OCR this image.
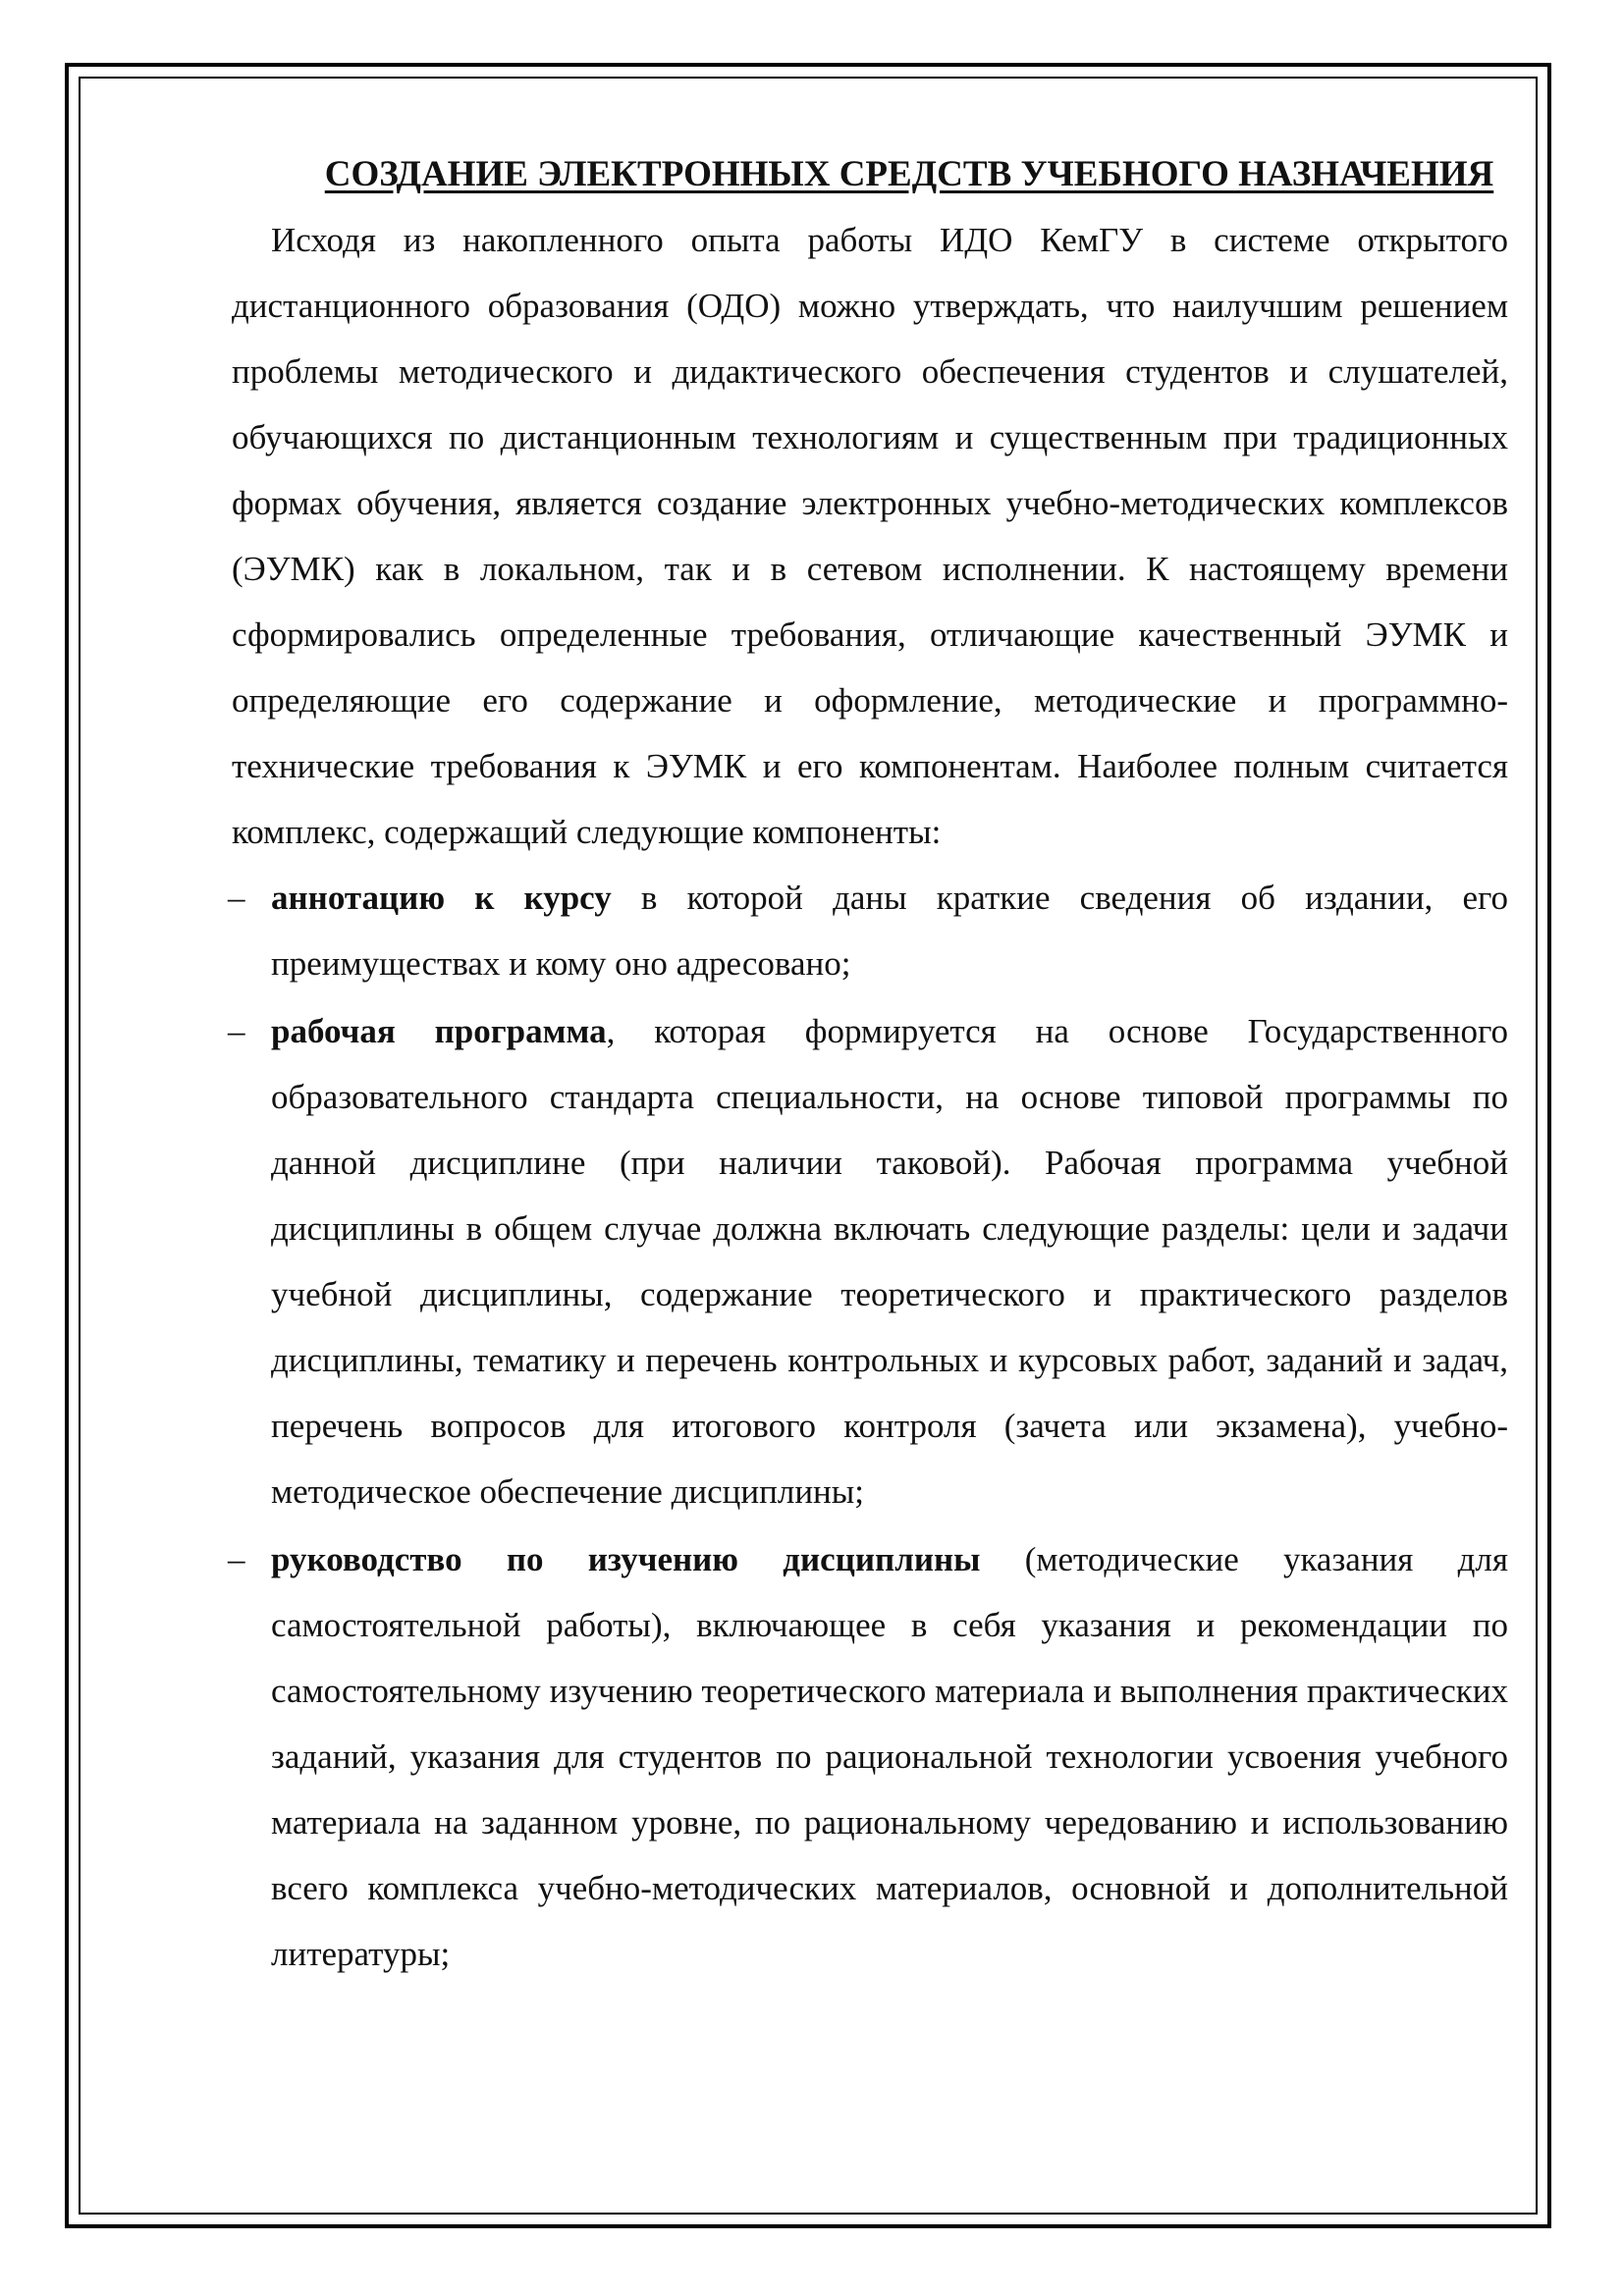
СОЗДАНИЕ ЭЛЕКТРОННЫХ СРЕДСТВ УЧЕБНОГО НАЗНАЧЕНИЯ

Исходя из накопленного опыта работы ИДО КемГУ в системе открытого дистанционного образования (ОДО) можно утверждать, что наилучшим решением проблемы методического и дидактического обеспечения студентов и слушателей, обучающихся по дистанционным технологиям и существенным при традиционных формах обучения, является создание электронных учебно-методических комплексов (ЭУМК) как в локальном, так и в сетевом исполнении. К настоящему времени сформировались определенные требования, отличающие качественный ЭУМК и определяющие его содержание и оформление, методические и программно-технические требования к ЭУМК и его компонентам. Наиболее полным считается комплекс, содержащий следующие компоненты:

– аннотацию к курсу в которой даны краткие сведения об издании, его преимуществах и кому оно адресовано;
– рабочая программа, которая формируется на основе Государственного образовательного стандарта специальности, на основе типовой программы по данной дисциплине (при наличии таковой). Рабочая программа учебной дисциплины в общем случае должна включать следующие разделы: цели и задачи учебной дисциплины, содержание теоретического и практического разделов дисциплины, тематику и перечень контрольных и курсовых работ, заданий и задач, перечень вопросов для итогового контроля (зачета или экзамена), учебно-методическое обеспечение дисциплины;
– руководство по изучению дисциплины (методические указания для самостоятельной работы), включающее в себя указания и рекомендации по самостоятельному изучению теоретического материала и выполнения практических заданий, указания для студентов по рациональной технологии усвоения учебного материала на заданном уровне, по рациональному чередованию и использованию всего комплекса учебно-методических материалов, основной и дополнительной литературы;
